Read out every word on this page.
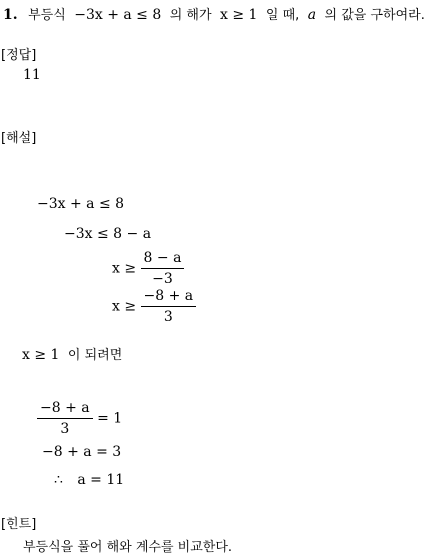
1. 부등식 −3x + a ≤ 8 의 해가 x ≥ 1 일 때, a 의 값을 구하여라.
[정답]
11
[해설]
−3x + a ≤ 8
−3x ≤ 8 − a
$x \ge \frac{8 - a}{-3}$
$x \ge \frac{-8 + a}{3}$
x ≥ 1 이 되려면
$\frac{-8 + a}{3} = 1$
−8 + a = 3
∴ a = 11
[힌트]
부등식을 풀어 해와 계수를 비교한다.
